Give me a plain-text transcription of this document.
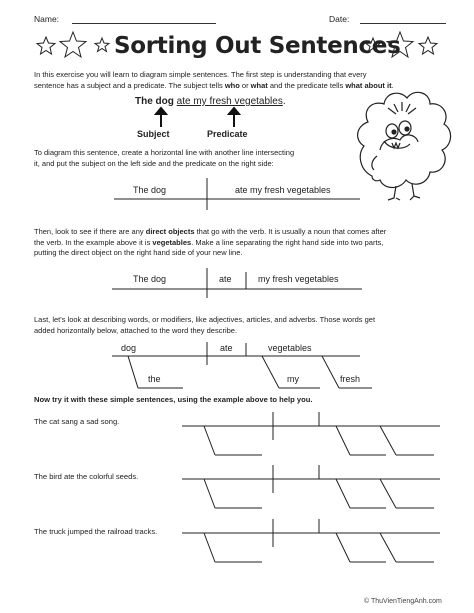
Name:	Date:
Sorting Out Sentences
In this exercise you will learn to diagram simple sentences. The first step is understanding that every
sentence has a subject and a predicate. The subject tells who or what and the predicate tells what about it.
The dog ate my fresh vegetables.
Subject	Predicate
To diagram this sentence, create a horizontal line with another line intersecting
it, and put the subject on the left side and the predicate on the right side:
The dog	ate my fresh vegetables
Then, look to see if there are any direct objects that go with the verb. It is usually a noun that comes after
the verb. In the example above it is vegetables. Make a line separating the right hand side into two parts,
putting the direct object on the right hand side of your new line.
The dog	ate	my fresh vegetables
Last, let's look at describing words, or modifiers, like adjectives, articles, and adverbs. Those words get
added horizontally below, attached to the word they describe.
dog	ate	vegetables
the	my	fresh
Now try it with these simple sentences, using the example above to help you.
The cat sang a sad song.
The bird ate the colorful seeds.
The truck jumped the railroad tracks.
© ThuVienTiengAnh.com
